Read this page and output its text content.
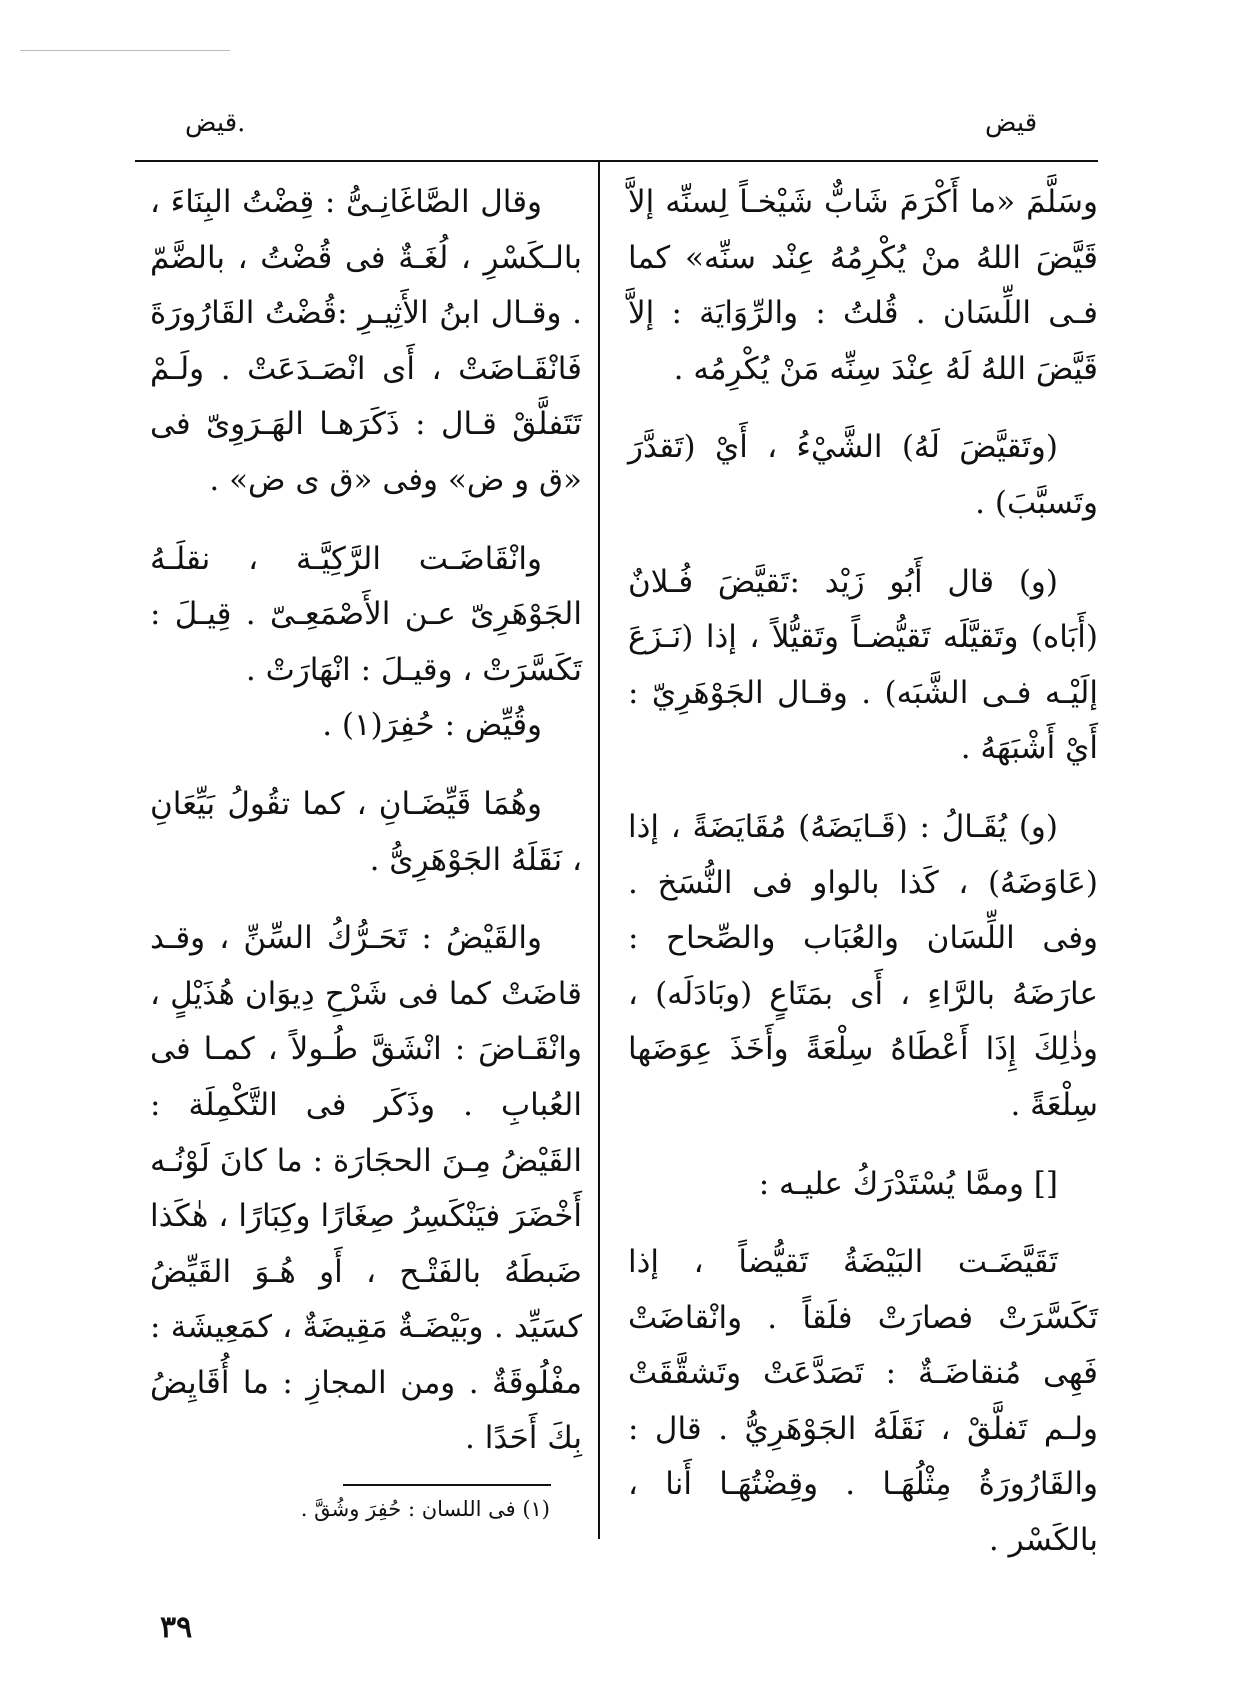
قيض
.قيض

وسَلَّمَ «ما أَكْرَمَ شَابٌّ شَيْخـاً لِسنِّه إلاَّ قَيَّضَ اللهُ منْ يُكْرِمُهُ عِنْد سنِّه» كما فـى اللِّسَان . قُلتُ : والرِّوَايَة : إلاَّ قَيَّضَ اللهُ لَهُ عِنْدَ سِنِّه مَنْ يُكْرِمُه .

(وتَقيَّضَ لَهُ) الشَّيْءُ ، أَيْ (تَقدَّرَ وتَسبَّبَ) .

(و) قال أَبُو زَيْد :تَقيَّضَ فُـلانٌ (أَبَاه) وتَقيَّلَه تَقيُّضـاً وتَقيُّلاً ، إذا (نَـزَعَ إلَيْـه فـى الشَّبَه) . وقـال الجَوْهَرِيّ : أَيْ أَشْبَهَهُ .

(و) يُقَـالُ : (قَـايَضَهُ) مُقَايَضَةً ، إذا (عَاوَضَهُ) ، كَذا بالواو فى النُّسَخ . وفى اللِّسَان والعُبَاب والصِّحاح : عارَضَهُ بالرَّاءِ ، أَى بمَتَاعٍ (وبَادَلَه) ، وذٰلِكَ إِذَا أَعْطَاهُ سِلْعَةً وأَخَذَ عِوَضَها سِلْعَةً .

[] وممَّا يُسْتَدْرَكُ عليـه :

تَقَيَّضَـت البَيْضَةُ تَقيُّضاً ، إذا تَكَسَّرَتْ فصارَتْ فلَقاً . وانْقاضَتْ فَهِى مُنقاضَـةٌ : تَصَدَّعَتْ وتَشقَّقَتْ ولـم تَفلَّقْ ، نَقَلَهُ الجَوْهَرِيُّ . قال : والقَارُورَةُ مِثْلُهَـا . وقِضْتُهَـا أَنا ، بالكَسْر .

وقال الصَّاغَانِـىُّ : قِضْتُ البِنَاءَ ، بالـكَسْرِ ، لُغَـةٌ فى قُضْتُ ، بالضَّمّ . وقـال ابنُ الأَثِيـرِ :قُضْتُ القَارُورَةَ فَانْقَـاضَتْ ، أَى انْصَـدَعَتْ . ولَـمْ تَتَفلَّقْ قـال : ذَكَرَهـا الهَـرَوِىّ فى «ق و ض» وفى «ق ى ض» .

وانْقَاضَـت الرَّكِيَّـة ، نقلَـهُ الجَوْهَرِىّ عـن الأَصْمَعِـىّ . قِيـلَ : تَكَسَّرَتْ ، وقيـلَ : انْهَارَتْ .

وقُيِّض : حُفِرَ(١) .

وهُمَا قَيِّضَـانِ ، كما تقُولُ بَيِّعَانِ ، نَقَلَهُ الجَوْهَرِىُّ .

والقَيْضُ : تَحَـرُّكُ السِّنِّ ، وقـد قاضَتْ كما فى شَرْحِ دِيوَان هُذَيْلٍ ، وانْقَـاضَ : انْشَقَّ طُـولاً ، كمـا فى العُبابِ . وذَكَر فى التَّكْمِلَة : القَيْضُ مِـنَ الحجَارَة : ما كانَ لَوْنُـه أَخْضَرَ فيَنْكَسِرُ صِغَارًا وكِبَارًا ، هٰكَذا ضَبطَهُ بالفَتْـح ، أَو هُـوَ القَيِّضُ كسَيِّد . وبَيْضَـةٌ مَقِيضَةٌ ، كمَعِيشَة : مفْلُوقَةٌ . ومن المجازِ : ما أُقَايِضُ بِكَ أَحَدًا .

(١) فى اللسان : حُفِرَ وشُقَّ .
٣٩
